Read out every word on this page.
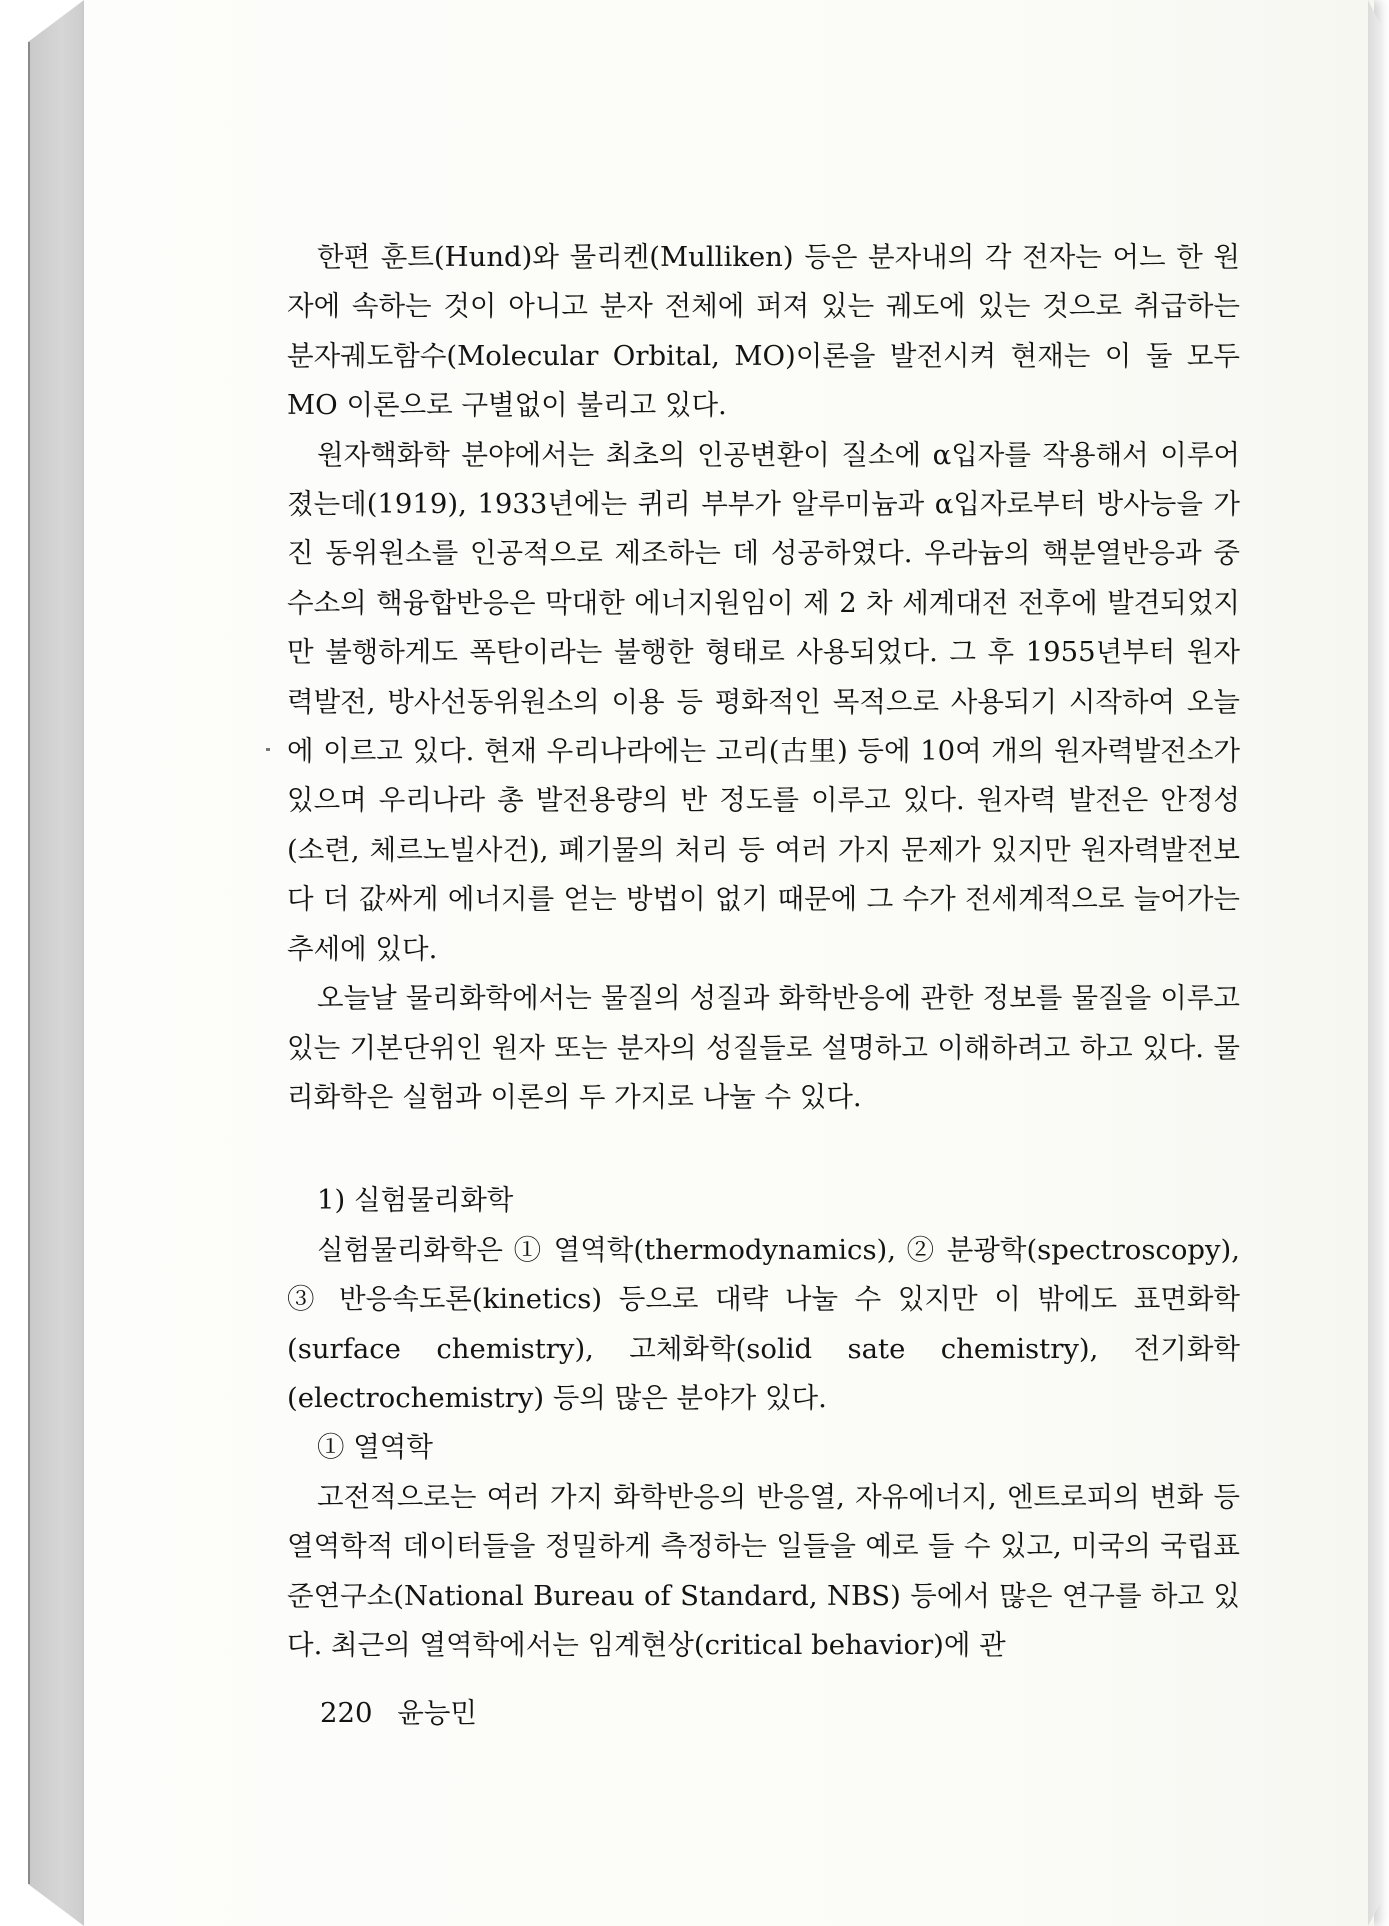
한편 훈트(Hund)와 물리켄(Mulliken) 등은 분자내의 각 전자는 어느 한 원자에 속하는 것이 아니고 분자 전체에 퍼져 있는 궤도에 있는 것으로 취급하는 분자궤도함수(Molecular Orbital, MO)이론을 발전시켜 현재는 이 둘 모두 MO 이론으로 구별없이 불리고 있다.

원자핵화학 분야에서는 최초의 인공변환이 질소에 α입자를 작용해서 이루어졌는데(1919), 1933년에는 퀴리 부부가 알루미늄과 α입자로부터 방사능을 가진 동위원소를 인공적으로 제조하는 데 성공하였다. 우라늄의 핵분열반응과 중수소의 핵융합반응은 막대한 에너지원임이 제 2 차 세계대전 전후에 발견되었지만 불행하게도 폭탄이라는 불행한 형태로 사용되었다. 그 후 1955년부터 원자력발전, 방사선동위원소의 이용 등 평화적인 목적으로 사용되기 시작하여 오늘에 이르고 있다. 현재 우리나라에는 고리(古里) 등에 10여 개의 원자력발전소가 있으며 우리나라 총 발전용량의 반 정도를 이루고 있다. 원자력 발전은 안정성(소련, 체르노빌사건), 폐기물의 처리 등 여러 가지 문제가 있지만 원자력발전보다 더 값싸게 에너지를 얻는 방법이 없기 때문에 그 수가 전세계적으로 늘어가는 추세에 있다.

오늘날 물리화학에서는 물질의 성질과 화학반응에 관한 정보를 물질을 이루고 있는 기본단위인 원자 또는 분자의 성질들로 설명하고 이해하려고 하고 있다. 물리화학은 실험과 이론의 두 가지로 나눌 수 있다.

1) 실험물리화학

실험물리화학은 ① 열역학(thermodynamics), ② 분광학(spectroscopy), ③ 반응속도론(kinetics) 등으로 대략 나눌 수 있지만 이 밖에도 표면화학(surface chemistry), 고체화학(solid sate chemistry), 전기화학(electrochemistry) 등의 많은 분야가 있다.

① 열역학

고전적으로는 여러 가지 화학반응의 반응열, 자유에너지, 엔트로피의 변화 등 열역학적 데이터들을 정밀하게 측정하는 일들을 예로 들 수 있고, 미국의 국립표준연구소(National Bureau of Standard, NBS) 등에서 많은 연구를 하고 있다. 최근의 열역학에서는 임계현상(critical behavior)에 관

220 윤능민
